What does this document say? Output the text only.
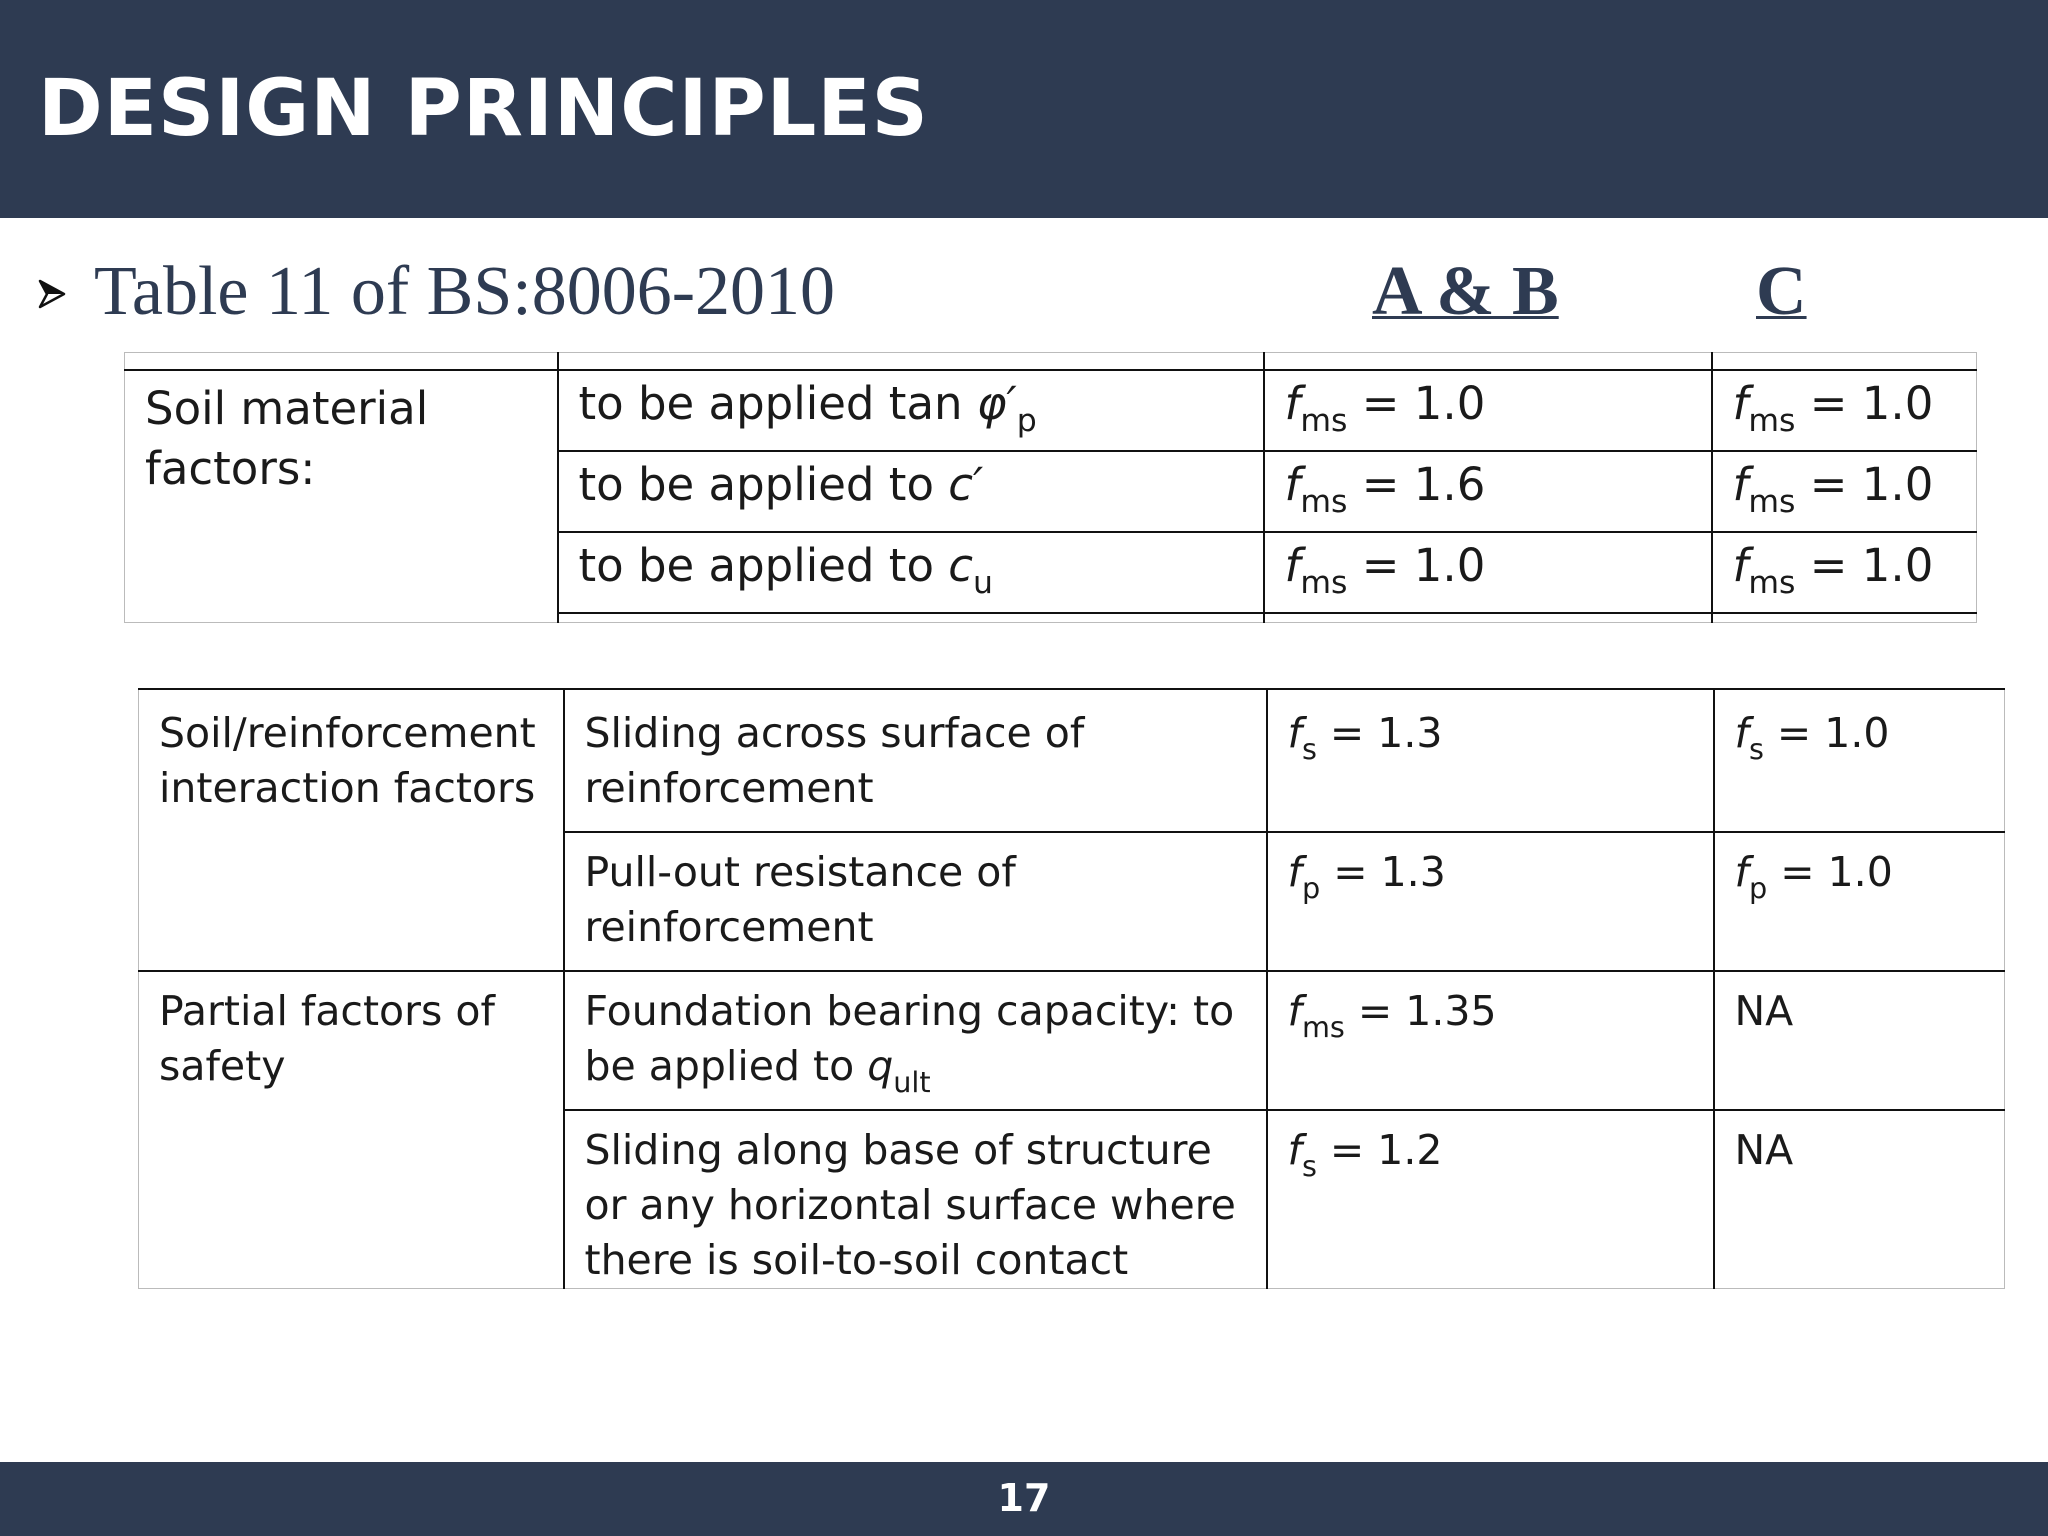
DESIGN PRINCIPLES
Table 11 of BS:8006-2010	A & B	C

Soil material factors:	to be applied $\tan \varphi'_p$	$f_{ms} = 1.0$	$f_{ms} = 1.0$
	to be applied to c′	$f_{ms} = 1.6$	$f_{ms} = 1.0$
	to be applied to $c_u$	$f_{ms} = 1.0$	$f_{ms} = 1.0$

Soil/reinforcement interaction factors	Sliding across surface of reinforcement	$f_s = 1.3$	$f_s = 1.0$
	Pull-out resistance of reinforcement	$f_p = 1.3$	$f_p = 1.0$
Partial factors of safety	Foundation bearing capacity: to be applied to $q_{ult}$	$f_{ms} = 1.35$	NA
	Sliding along base of structure or any horizontal surface where there is soil-to-soil contact	$f_s = 1.2$	NA
17
